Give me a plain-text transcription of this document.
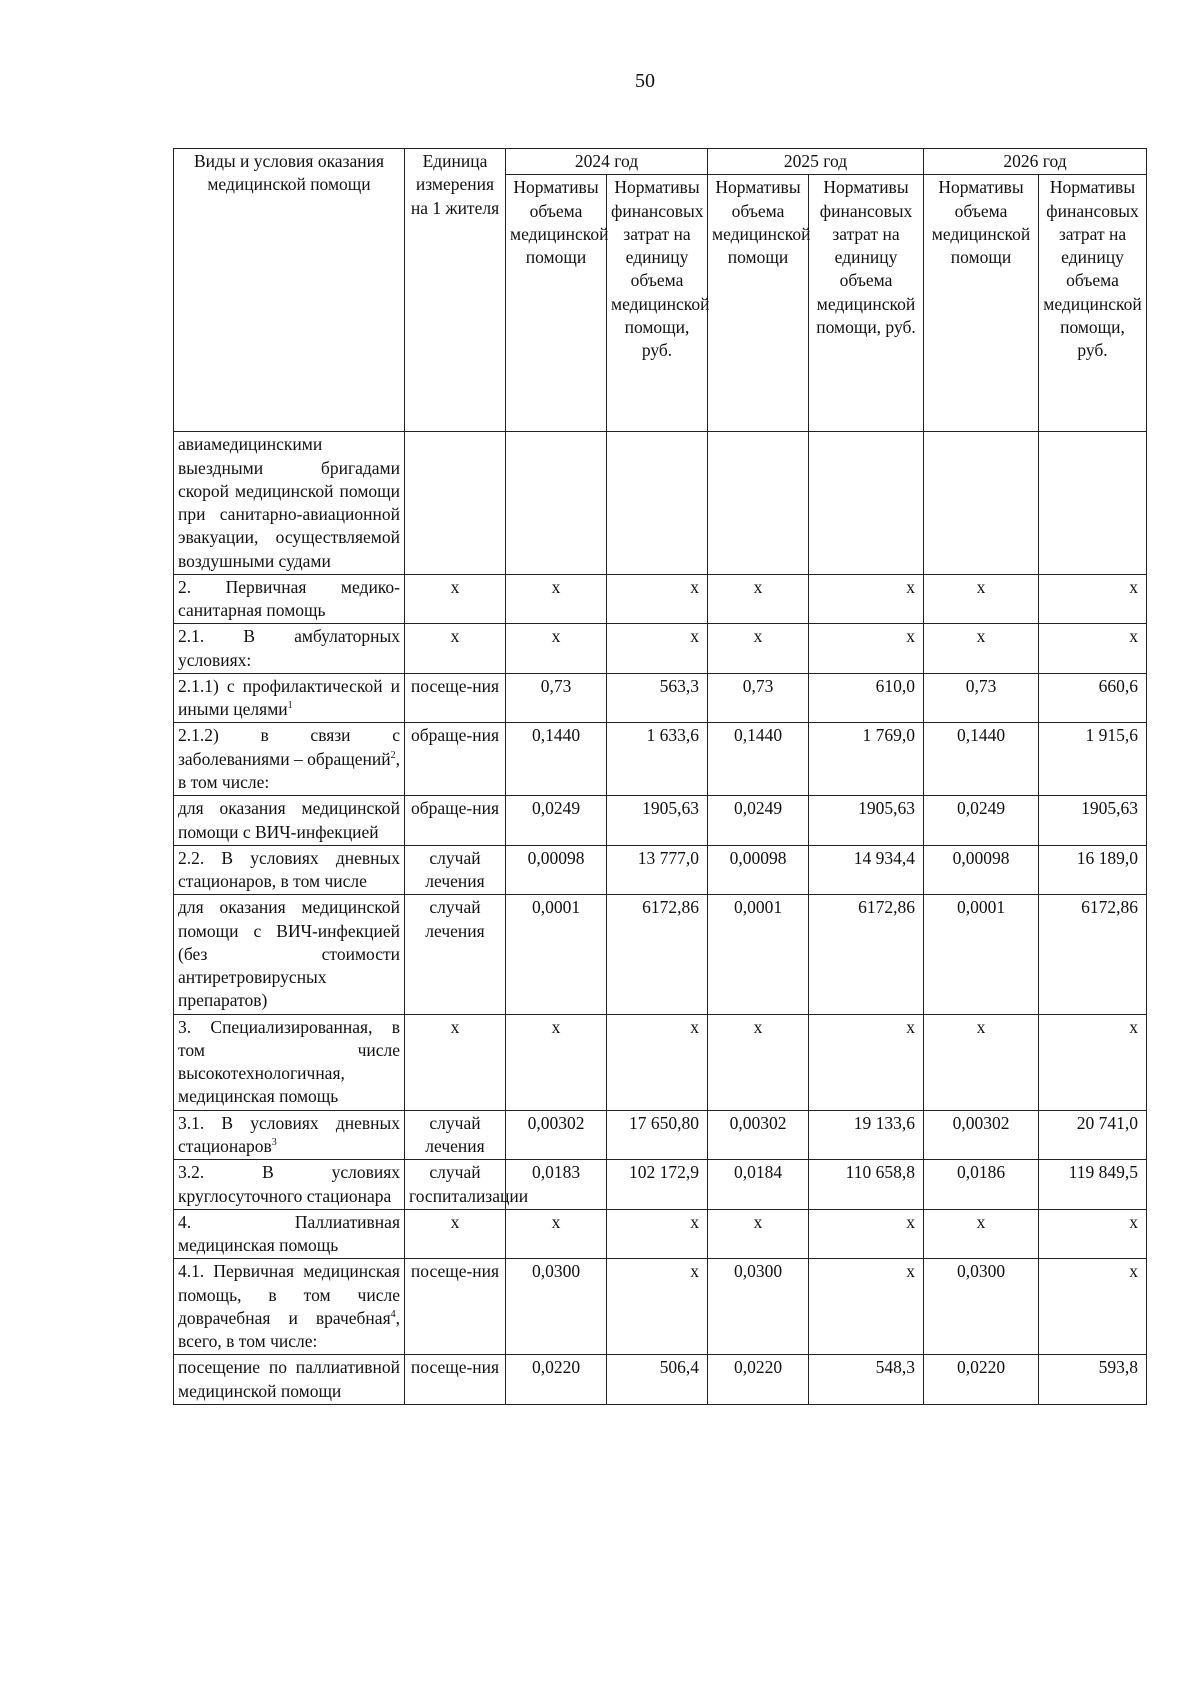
50
Виды и условия оказания медицинской помощи	Единица измерения на 1 жителя	2024 год		2025 год		2026 год	
		Нормативы объема медицинской помощи	Нормативы финансовых затрат на единицу объема медицинской помощи, руб.	Нормативы объема медицинской помощи	Нормативы финансовых затрат на единицу объема медицинской помощи, руб.	Нормативы объема медицинской помощи	Нормативы финансовых затрат на единицу объема медицинской помощи, руб.
авиамедицинскими выездными бригадами скорой медицинской помощи при санитарно-авиационной эвакуации, осуществляемой воздушными судами							
2. Первичная медико-санитарная помощь	х	х	х	х	х	х	х
2.1. В амбулаторных условиях:	х	х	х	х	х	х	х
2.1.1) с профилактической и иными целями$^1$	посеще-ния	0,73	563,3	0,73	610,0	0,73	660,6
2.1.2) в связи с заболеваниями – обращений$^2$, в том числе:	обраще-ния	0,1440	1 633,6	0,1440	1 769,0	0,1440	1 915,6
для оказания медицинской помощи с ВИЧ-инфекцией	обраще-ния	0,0249	1905,63	0,0249	1905,63	0,0249	1905,63
2.2. В условиях дневных стационаров, в том числе	случай лечения	0,00098	13 777,0	0,00098	14 934,4	0,00098	16 189,0
для оказания медицинской помощи с ВИЧ-инфекцией (без стоимости антиретровирусных препаратов)	случай лечения	0,0001	6172,86	0,0001	6172,86	0,0001	6172,86
3. Специализированная, в том числе высокотехнологичная, медицинская помощь	х	х	х	х	х	х	х
3.1. В условиях дневных стационаров$^3$	случай лечения	0,00302	17 650,80	0,00302	19 133,6	0,00302	20 741,0
3.2. В условиях круглосуточного стационара	случай госпитализации	0,0183	102 172,9	0,0184	110 658,8	0,0186	119 849,5
4. Паллиативная медицинская помощь	х	х	х	х	х	х	х
4.1. Первичная медицинская помощь, в том числе доврачебная и врачебная$^4$, всего, в том числе:	посеще-ния	0,0300	х	0,0300	х	0,0300	х
посещение по паллиативной медицинской помощи	посеще-ния	0,0220	506,4	0,0220	548,3	0,0220	593,8
